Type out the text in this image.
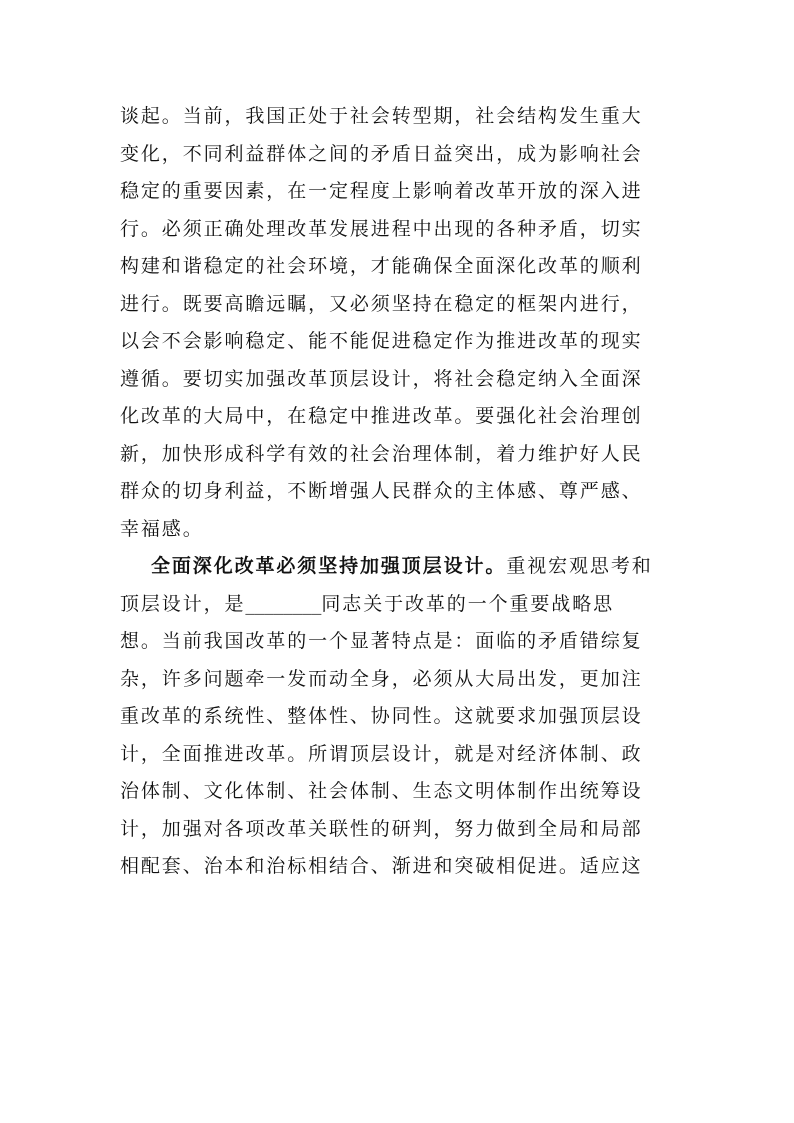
谈起。当前，我国正处于社会转型期，社会结构发生重大
变化，不同利益群体之间的矛盾日益突出，成为影响社会
稳定的重要因素，在一定程度上影响着改革开放的深入进
行。必须正确处理改革发展进程中出现的各种矛盾，切实
构建和谐稳定的社会环境，才能确保全面深化改革的顺利
进行。既要高瞻远瞩，又必须坚持在稳定的框架内进行，
以会不会影响稳定、能不能促进稳定作为推进改革的现实
遵循。要切实加强改革顶层设计，将社会稳定纳入全面深
化改革的大局中，在稳定中推进改革。要强化社会治理创
新，加快形成科学有效的社会治理体制，着力维护好人民
群众的切身利益，不断增强人民群众的主体感、尊严感、
幸福感。
全面深化改革必须坚持加强顶层设计。重视宏观思考和
顶层设计，是________同志关于改革的一个重要战略思
想。当前我国改革的一个显著特点是：面临的矛盾错综复
杂，许多问题牵一发而动全身，必须从大局出发，更加注
重改革的系统性、整体性、协同性。这就要求加强顶层设
计，全面推进改革。所谓顶层设计，就是对经济体制、政
治体制、文化体制、社会体制、生态文明体制作出统筹设
计，加强对各项改革关联性的研判，努力做到全局和局部
相配套、治本和治标相结合、渐进和突破相促进。适应这
